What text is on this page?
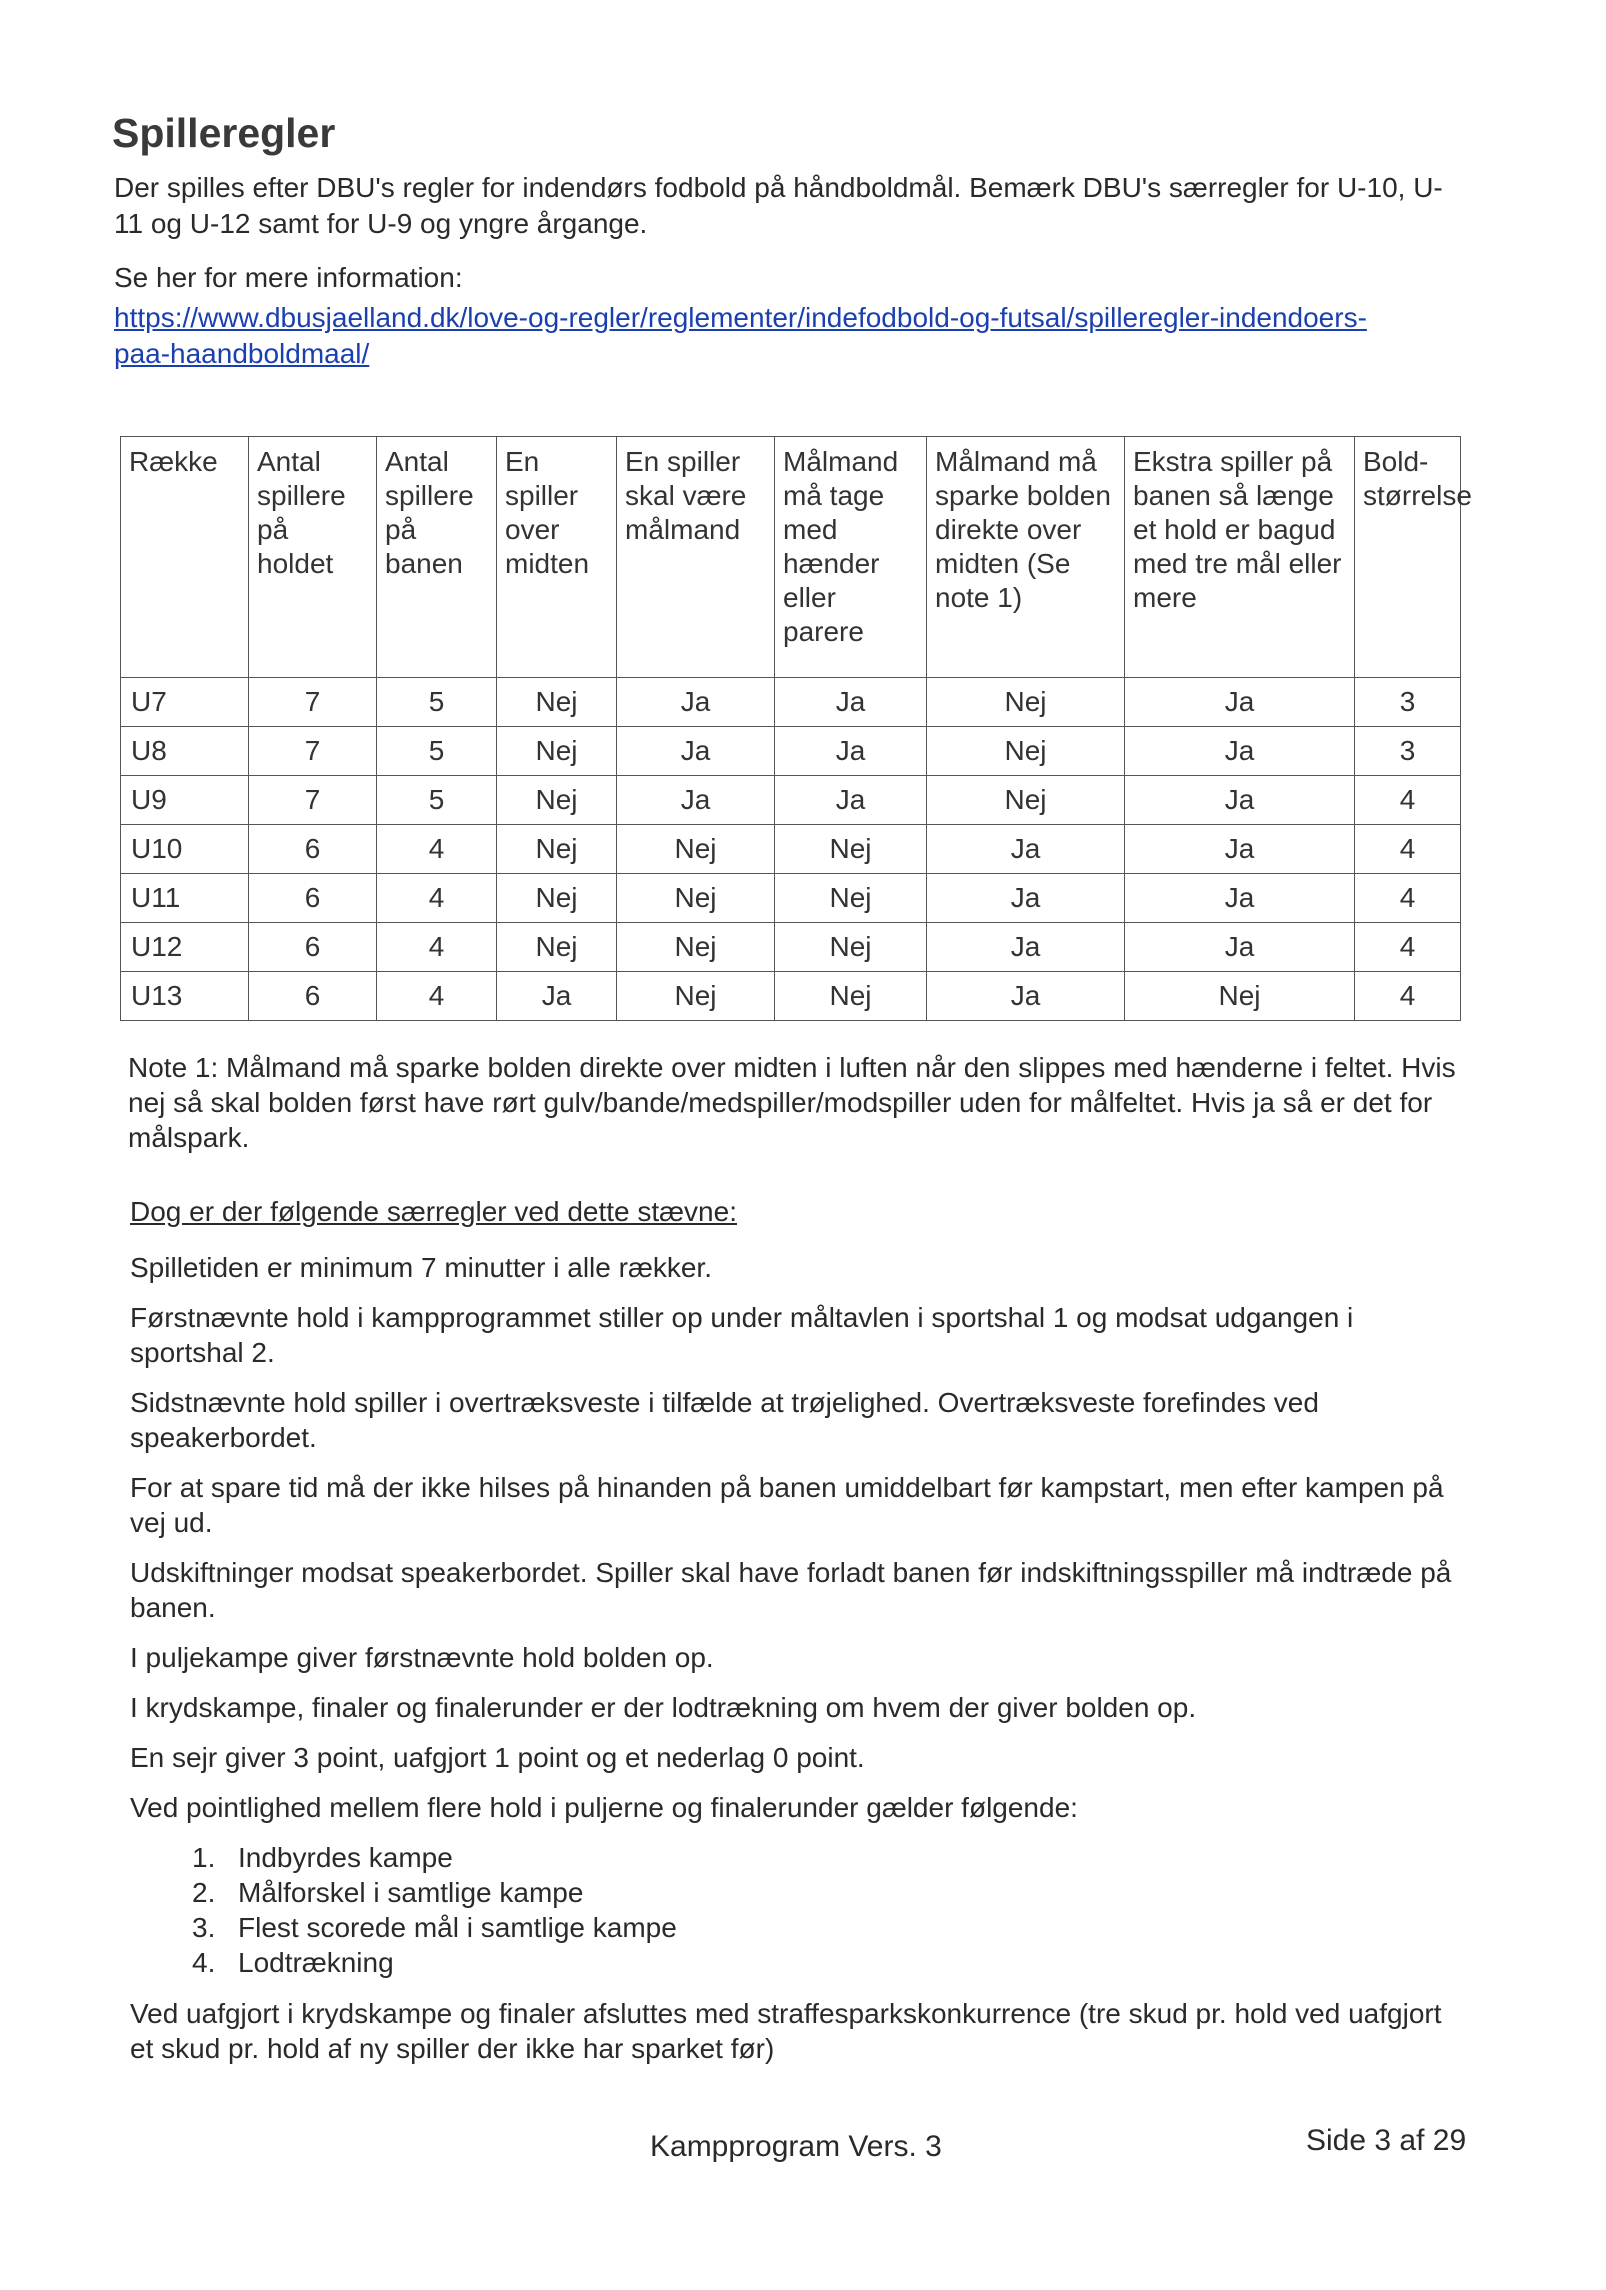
Spilleregler

Der spilles efter DBU's regler for indendørs fodbold på håndboldmål. Bemærk DBU's særregler for U-10, U-11 og U-12 samt for U-9 og yngre årgange.

Se her for mere information:

https://www.dbusjaelland.dk/love-og-regler/reglementer/indefodbold-og-futsal/spilleregler-indendoers-paa-haandboldmaal/

Række	Antal spillere på holdet	Antal spillere på banen	En spiller over midten	En spiller skal være målmand	Målmand må tage med hænder eller parere	Målmand må sparke bolden direkte over midten (Se note 1)	Ekstra spiller på banen så længe et hold er bagud med tre mål eller mere	Bold-størrelse
U7	7	5	Nej	Ja	Ja	Nej	Ja	3
U8	7	5	Nej	Ja	Ja	Nej	Ja	3
U9	7	5	Nej	Ja	Ja	Nej	Ja	4
U10	6	4	Nej	Nej	Nej	Ja	Ja	4
U11	6	4	Nej	Nej	Nej	Ja	Ja	4
U12	6	4	Nej	Nej	Nej	Ja	Ja	4
U13	6	4	Ja	Nej	Nej	Ja	Nej	4

Note 1: Målmand må sparke bolden direkte over midten i luften når den slippes med hænderne i feltet. Hvis nej så skal bolden først have rørt gulv/bande/medspiller/modspiller uden for målfeltet. Hvis ja så er det for målspark.

Dog er der følgende særregler ved dette stævne:

Spilletiden er minimum 7 minutter i alle rækker.

Førstnævnte hold i kampprogrammet stiller op under måltavlen i sportshal 1 og modsat udgangen i sportshal 2.

Sidstnævnte hold spiller i overtræksveste i tilfælde at trøjelighed. Overtræksveste forefindes ved speakerbordet.

For at spare tid må der ikke hilses på hinanden på banen umiddelbart før kampstart, men efter kampen på vej ud.

Udskiftninger modsat speakerbordet. Spiller skal have forladt banen før indskiftningsspiller må indtræde på banen.

I puljekampe giver førstnævnte hold bolden op.

I krydskampe, finaler og finalerunder er der lodtrækning om hvem der giver bolden op.

En sejr giver 3 point, uafgjort 1 point og et nederlag 0 point.

Ved pointlighed mellem flere hold i puljerne og finalerunder gælder følgende:

1. Indbyrdes kampe
2. Målforskel i samtlige kampe
3. Flest scorede mål i samtlige kampe
4. Lodtrækning

Ved uafgjort i krydskampe og finaler afsluttes med straffesparkskonkurrence (tre skud pr. hold ved uafgjort et skud pr. hold af ny spiller der ikke har sparket før)

Kampprogram Vers. 3	Side 3 af 29
